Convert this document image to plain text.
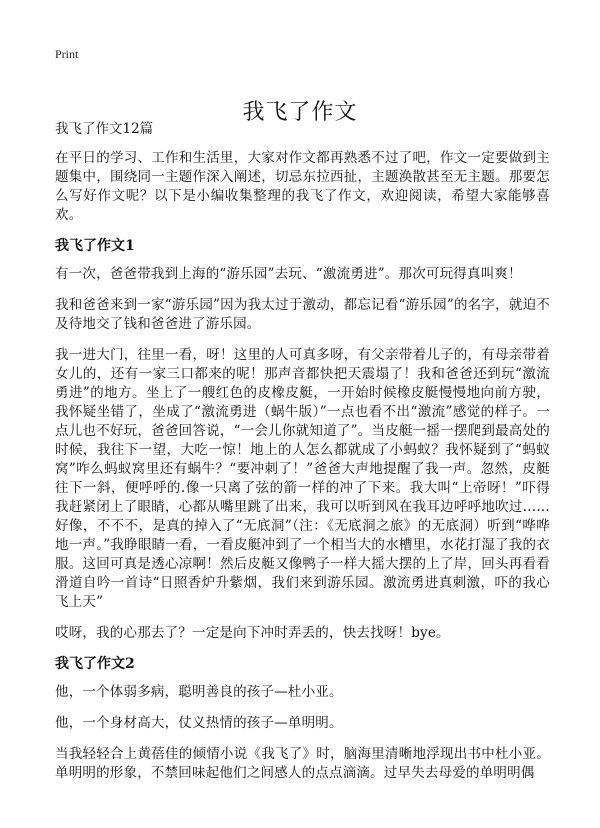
Print
我飞了作文
我飞了作文12篇

在平日的学习、工作和生活里，大家对作文都再熟悉不过了吧，作文一定要做到主题集中，围绕同一主题作深入阐述，切忌东拉西扯，主题涣散甚至无主题。那要怎么写好作文呢？以下是小编收集整理的我飞了作文，欢迎阅读，希望大家能够喜欢。

我飞了作文1

有一次，爸爸带我到上海的“游乐园”去玩、“激流勇进”。那次可玩得真叫爽！

我和爸爸来到一家“游乐园”因为我太过于激动，都忘记看“游乐园”的名字，就迫不及待地交了钱和爸爸进了游乐园。

我一进大门，往里一看，呀！这里的人可真多呀，有父亲带着儿子的，有母亲带着女儿的，还有一家三口都来的呢！那声音都快把天震塌了！我和爸爸还到玩“激流勇进”的地方。坐上了一艘红色的皮橡皮艇，一开始时候橡皮艇慢慢地向前方驶，我怀疑坐错了，坐成了“激流勇进（蜗牛版）”一点也看不出“激流”感觉的样子。一点儿也不好玩，爸爸回答说，“一会儿你就知道了”。当皮艇一摇一摆爬到最高处的时候，我往下一望，大吃一惊！地上的人怎么都就成了小蚂蚁？我怀疑到了“蚂蚁窝”咋么蚂蚁窝里还有蜗牛？“要冲刺了！”爸爸大声地提醒了我一声。忽然，皮艇往下一斜，便呼呼的.像一只离了弦的箭一样的冲了下来。我大叫“上帝呀！”吓得我赶紧闭上了眼睛，心都从嘴里跳了出来，我可以听到风在我耳边呼呼地吹过……好像，不不不，是真的掉入了“无底洞”（注：《无底洞之旅》的无底洞）听到“哗哗地一声。”我睁眼睛一看，一看皮艇冲到了一个相当大的水槽里，水花打湿了我的衣服。这回可真是透心凉啊！然后皮艇又像鸭子一样大摇大摆的上了岸，回头再看看滑道自吟一首诗“日照香炉升紫烟，我们来到游乐园。激流勇进真刺激，吓的我心飞上天”

哎呀，我的心那去了？一定是向下冲时弄丢的，快去找呀！bye。

我飞了作文2

他，一个体弱多病，聪明善良的孩子—杜小亚。

他，一个身材高大，仗义热情的孩子—单明明。

当我轻轻合上黄蓓佳的倾情小说《我飞了》时，脑海里清晰地浮现出书中杜小亚。单明明的形象，不禁回味起他们之间感人的点点滴滴。过早失去母爱的单明明偶
